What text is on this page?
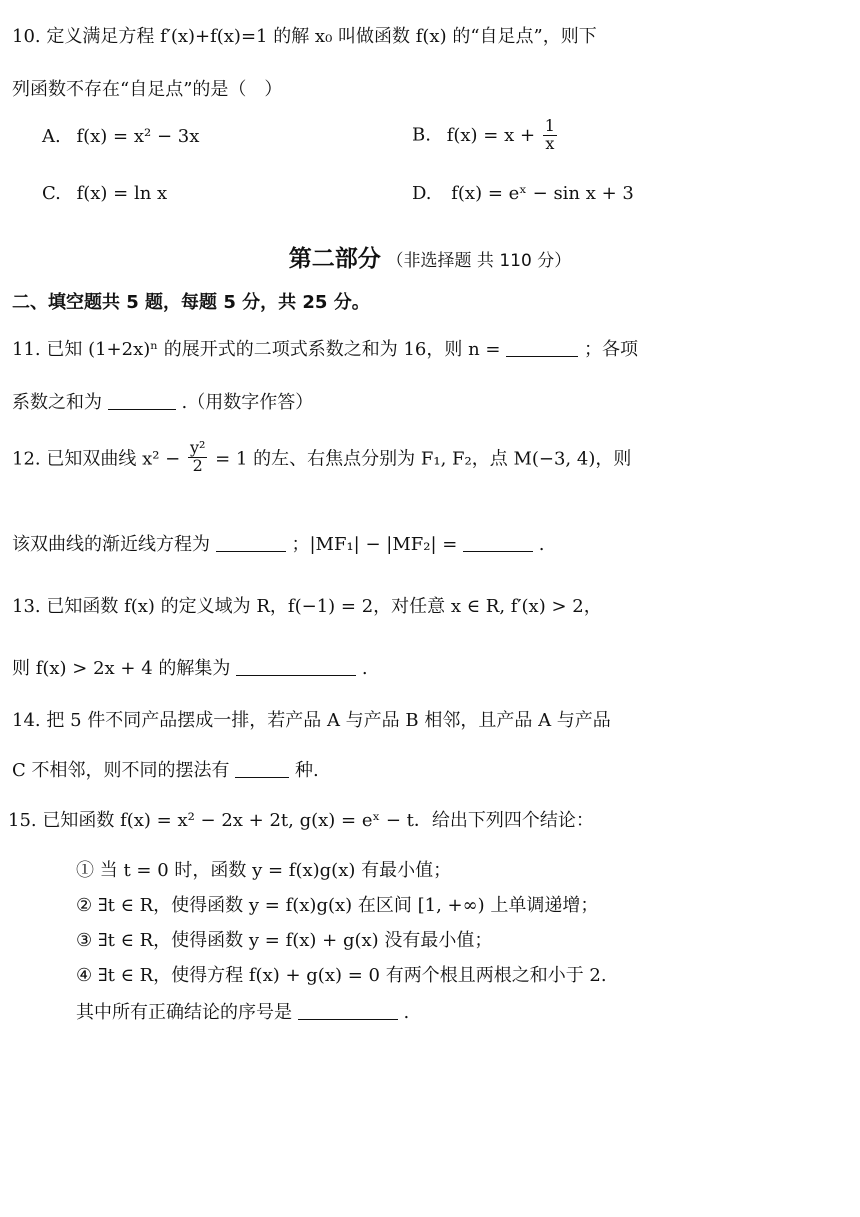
10. 定义满足方程 f′(x)+f(x)=1 的解 x₀ 叫做函数 f(x) 的“自足点”，则下
列函数不存在“自足点”的是（　）
A. f(x) = x² − 3x	B. $f(x) = x + \frac{1}{x}$
C. f(x) = ln x	D. f(x) = eˣ − sin x + 3
第二部分 （非选择题 共 110 分）
二、填空题共 5 题，每题 5 分，共 25 分。
11. 已知 (1+2x)ⁿ 的展开式的二项式系数之和为 16，则 n =	；各项
系数之和为	.（用数字作答）
12. 已知双曲线 $x^2 - \frac{\text{y²}}{2} = 1$ 的左、右焦点分别为 F₁, F₂，点 M(−3, 4)，则
该双曲线的渐近线方程为	；|MF₁| − |MF₂| =	.
13. 已知函数 f(x) 的定义域为 R，f(−1) = 2，对任意 x ∈ R, f′(x) > 2，
则 f(x) > 2x + 4 的解集为	.
14. 把 5 件不同产品摆成一排，若产品 A 与产品 B 相邻，且产品 A 与产品
C 不相邻，则不同的摆法有	种.
15. 已知函数 f(x) = x² − 2x + 2t, g(x) = eˣ − t．给出下列四个结论：
① 当 t = 0 时，函数 y = f(x)g(x) 有最小值；
② ∃t ∈ R，使得函数 y = f(x)g(x) 在区间 [1, +∞) 上单调递增；
③ ∃t ∈ R，使得函数 y = f(x) + g(x) 没有最小值；
④ ∃t ∈ R，使得方程 f(x) + g(x) = 0 有两个根且两根之和小于 2.
其中所有正确结论的序号是	.
